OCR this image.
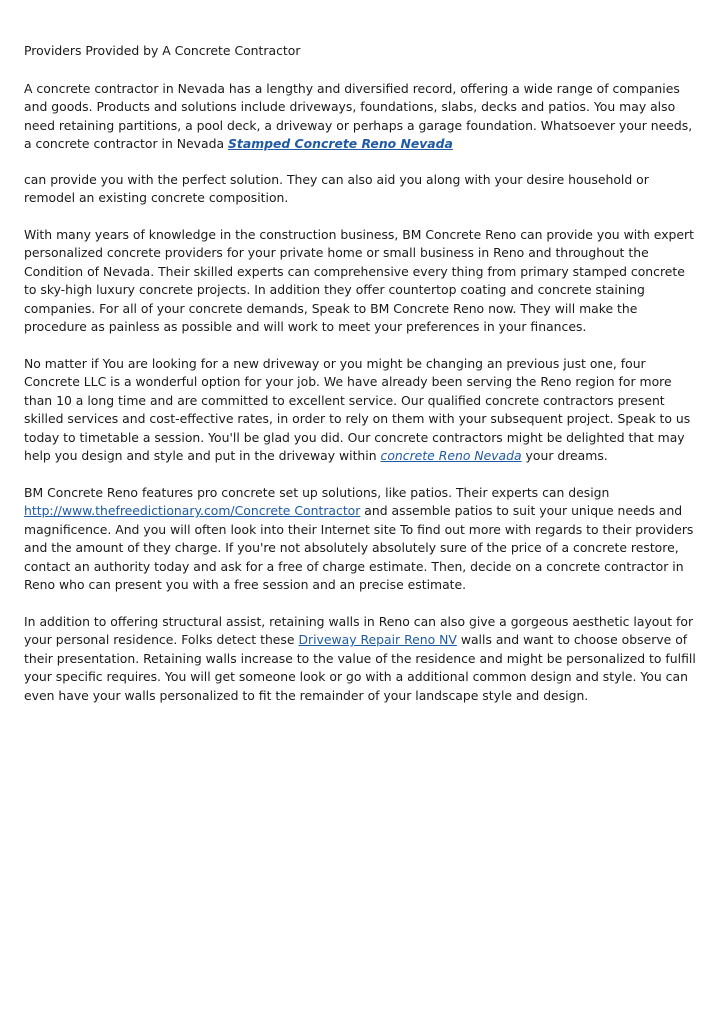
Providers Provided by A Concrete Contractor

A concrete contractor in Nevada has a lengthy and diversified record, offering a wide range of companies and goods. Products and solutions include driveways, foundations, slabs, decks and patios. You may also need retaining partitions, a pool deck, a driveway or perhaps a garage foundation. Whatsoever your needs, a concrete contractor in Nevada Stamped Concrete Reno Nevada

can provide you with the perfect solution. They can also aid you along with your desire household or remodel an existing concrete composition.

With many years of knowledge in the construction business, BM Concrete Reno can provide you with expert personalized concrete providers for your private home or small business in Reno and throughout the Condition of Nevada. Their skilled experts can comprehensive every thing from primary stamped concrete to sky-high luxury concrete projects. In addition they offer countertop coating and concrete staining companies. For all of your concrete demands, Speak to BM Concrete Reno now. They will make the procedure as painless as possible and will work to meet your preferences in your finances.

No matter if You are looking for a new driveway or you might be changing an previous just one, four Concrete LLC is a wonderful option for your job. We have already been serving the Reno region for more than 10 a long time and are committed to excellent service. Our qualified concrete contractors present skilled services and cost-effective rates, in order to rely on them with your subsequent project. Speak to us today to timetable a session. You'll be glad you did. Our concrete contractors might be delighted that may help you design and style and put in the driveway within concrete Reno Nevada your dreams.

BM Concrete Reno features pro concrete set up solutions, like patios. Their experts can design http://www.thefreedictionary.com/Concrete Contractor and assemble patios to suit your unique needs and magnificence. And you will often look into their Internet site To find out more with regards to their providers and the amount of they charge. If you're not absolutely absolutely sure of the price of a concrete restore, contact an authority today and ask for a free of charge estimate. Then, decide on a concrete contractor in Reno who can present you with a free session and an precise estimate.

In addition to offering structural assist, retaining walls in Reno can also give a gorgeous aesthetic layout for your personal residence. Folks detect these Driveway Repair Reno NV walls and want to choose observe of their presentation. Retaining walls increase to the value of the residence and might be personalized to fulfill your specific requires. You will get someone look or go with a additional common design and style. You can even have your walls personalized to fit the remainder of your landscape style and design.
